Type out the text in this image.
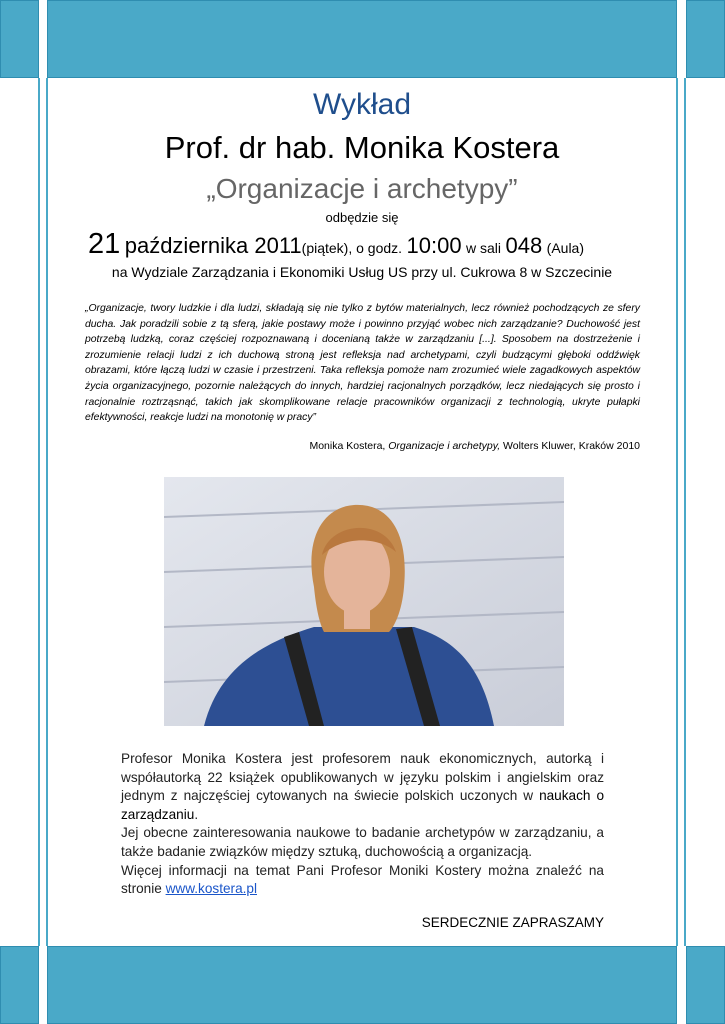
Wykład
Prof. dr hab. Monika Kostera
„Organizacje i archetypy”
odbędzie się
21 października 2011(piątek), o godz. 10:00 w sali 048 (Aula)
na Wydziale Zarządzania i Ekonomiki Usług US przy ul. Cukrowa 8 w Szczecinie
„Organizacje, twory ludzkie i dla ludzi, składają się nie tylko z bytów materialnych, lecz również pochodzących ze sfery ducha. Jak poradzili sobie z tą sferą, jakie postawy może i powinno przyjąć wobec nich zarządzanie? Duchowość jest potrzebą ludzką, coraz częściej rozpoznawaną i docenianą także w zarządzaniu [...]. Sposobem na dostrzeżenie i zrozumienie relacji ludzi z ich duchową stroną jest refleksja nad archetypami, czyli budzącymi głęboki oddźwięk obrazami, które łączą ludzi w czasie i przestrzeni. Taka refleksja pomoże nam zrozumieć wiele zagadkowych aspektów życia organizacyjnego, pozornie należących do innych, hardziej racjonalnych porządków, lecz niedających się prosto i racjonalnie roztrząsnąć, takich jak skomplikowane relacje pracowników organizacji z technologią, ukryte pułapki efektywności, reakcje ludzi na monotonię w pracy”
Monika Kostera, Organizacje i archetypy, Wolters Kluwer, Kraków 2010

Profesor Monika Kostera jest profesorem nauk ekonomicznych, autorką i współautorką 22 książek opublikowanych w języku polskim i angielskim oraz jednym z najczęściej cytowanych na świecie polskich uczonych w naukach o zarządzaniu.

Jej obecne zainteresowania naukowe to badanie archetypów w zarządzaniu, a także badanie związków między sztuką, duchowością a organizacją.

Więcej informacji na temat Pani Profesor Moniki Kostery można znaleźć na stronie www.kostera.pl

SERDECZNIE ZAPRASZAMY
